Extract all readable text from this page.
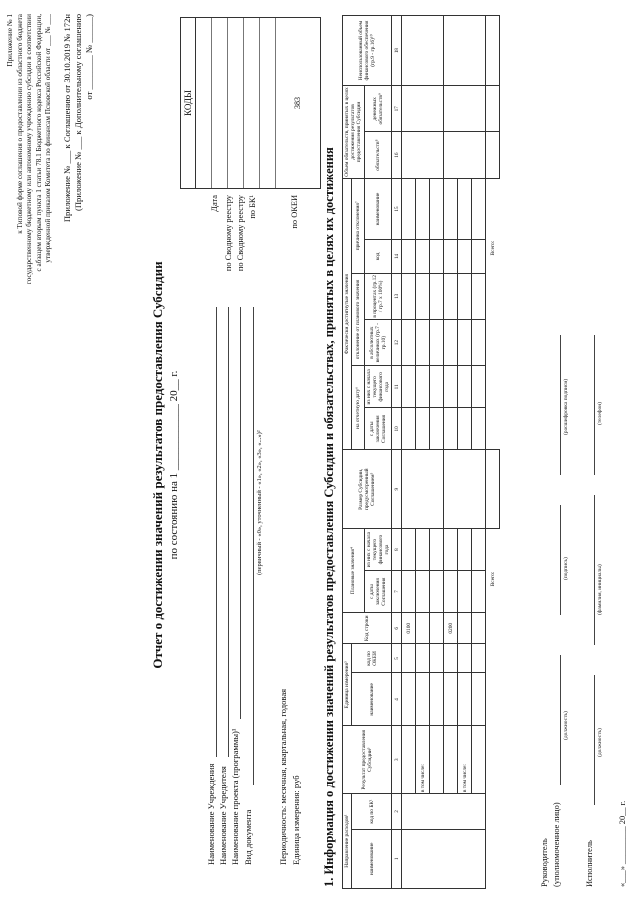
Приложение № 1 к Типовой форме соглашения о предоставлении из областного бюджета государственному бюджетному или автономному учреждению субсидии в соответствии с абзацем вторым пункта 1 статьи 78.1 Бюджетного кодекса Российской Федерации, утвержденной приказом Комитета по финансам Псковской области от ___ № ___ Приложение № ___ к Соглашению от 30.10.2019 № 172н (Приложение № ___ к Дополнительному соглашению от ________ № ______)
Отчет о достижении значений результатов предоставления Субсидии по состоянию на 1 ____________ 20__ г.
Наименование Учреждения Наименование Учредителя Наименование проекта (программы)¹ Вид документа
(первичный - «0», уточненный - «1», «2», «3», «...»)²
Периодичность: месячная, квартальная, годовая Единица измерения: руб
Дата по Сводному реестру по Сводному реестру по БК¹	по ОКЕИ
КОДЫ	383
1. Информация о достижении значений результатов предоставления Субсидии и обязательствах, принятых в целях их достижения Направление расходов¹		Результат предоставления Субсидии³	Единица измерения³		Код строки	Плановые значения⁴		Размер Субсидии, предусмотренный Соглашением⁵	Фактически достигнутые значения						Объем обязательств, принятых в целях достижения результатов предоставления Субсидии		Неиспользованный объем финансового обеспечения (гр.9 - гр.16)¹⁰
наименование	код по БК¹		наименование	код по ОКЕИ					на отчетную дату⁶		отклонение от планового значения		причина отклонения⁷				
						с даты заключения Соглашения	из них с начала текущего финансового года		с даты заключения Соглашения	из них с начала текущего финансового года	в абсолютных величинах (гр.7 - гр.10)	в процентах (гр.12 / гр.7 x 100%)	код	наименование	обязательств⁸	денежных обязательств⁹	
1	2	3	4	5	6	7	8	9	10	11	12	13	14	15	16	17	18
					0100												
		в том числе:															

					0200												
		в том числе:															

Всего:									Всего:								
Руководитель (уполномоченное лицо)
(должность)
(подпись)
(расшифровка подписи)
Исполнитель
(должность)
(фамилия, инициалы)
(телефон)
«___» _________ 20__ г.
